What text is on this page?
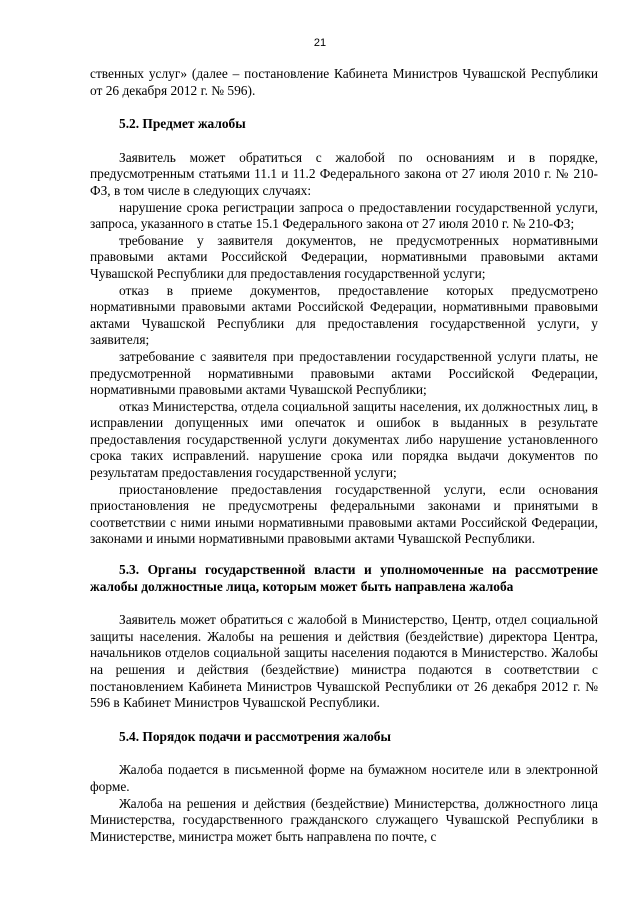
21

ственных услуг» (далее – постановление Кабинета Министров Чувашской Республики от 26 декабря 2012 г. № 596).

5.2. Предмет жалобы

Заявитель может обратиться с жалобой по основаниям и в порядке, предусмотренным статьями 11.1 и 11.2 Федерального закона от 27 июля 2010 г. № 210-ФЗ, в том числе в следующих случаях:

нарушение срока регистрации запроса о предоставлении государственной услуги, запроса, указанного в статье 15.1 Федерального закона от 27 июля 2010 г. № 210-ФЗ;

требование у заявителя документов, не предусмотренных нормативными правовыми актами Российской Федерации, нормативными правовыми актами Чувашской Республики для предоставления государственной услуги;

отказ в приеме документов, предоставление которых предусмотрено нормативными правовыми актами Российской Федерации, нормативными правовыми актами Чувашской Республики для предоставления государственной услуги, у заявителя;

затребование с заявителя при предоставлении государственной услуги платы, не предусмотренной нормативными правовыми актами Российской Федерации, нормативными правовыми актами Чувашской Республики;

отказ Министерства, отдела социальной защиты населения, их должностных лиц, в исправлении допущенных ими опечаток и ошибок в выданных в результате предоставления государственной услуги документах либо нарушение установленного срока таких исправлений. нарушение срока или порядка выдачи документов по результатам предоставления государственной услуги;

приостановление предоставления государственной услуги, если основания приостановления не предусмотрены федеральными законами и принятыми в соответствии с ними иными нормативными правовыми актами Российской Федерации, законами и иными нормативными правовыми актами Чувашской Республики.

5.3. Органы государственной власти и уполномоченные на рассмотрение жалобы должностные лица, которым может быть направлена жалоба

Заявитель может обратиться с жалобой в Министерство, Центр, отдел социальной защиты населения. Жалобы на решения и действия (бездействие) директора Центра, начальников отделов социальной защиты населения подаются в Министерство. Жалобы на решения и действия (бездействие) министра подаются в соответствии с постановлением Кабинета Министров Чувашской Республики от 26 декабря 2012 г. № 596 в Кабинет Министров Чувашской Республики.

5.4. Порядок подачи и рассмотрения жалобы

Жалоба подается в письменной форме на бумажном носителе или в электронной форме.

Жалоба на решения и действия (бездействие) Министерства, должностного лица Министерства, государственного гражданского служащего Чувашской Республики в Министерстве, министра может быть направлена по почте, с
